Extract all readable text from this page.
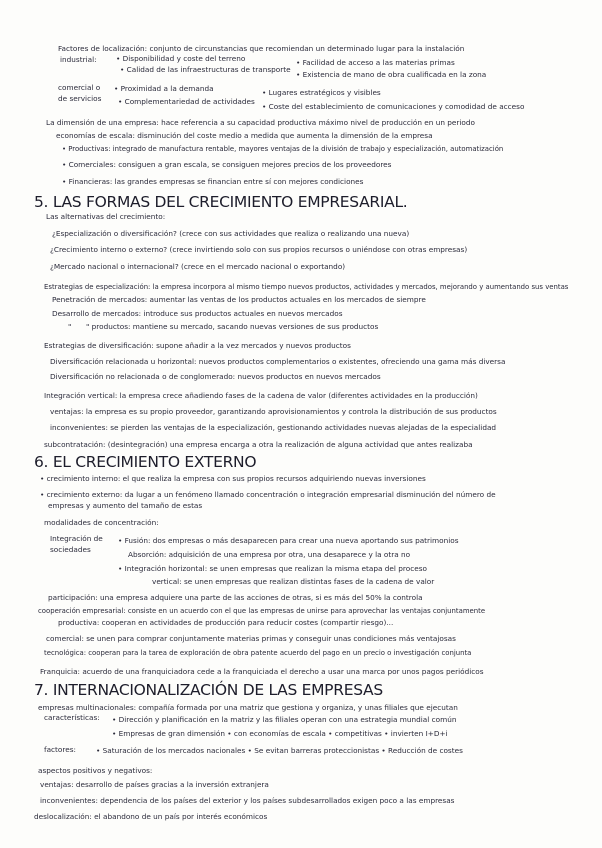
Factores de localización: conjunto de circunstancias que recomiendan un determinado lugar para la instalación
industrial:	• Disponibilidad y coste del terreno	• Facilidad de acceso a las materias primas
• Calidad de las infraestructuras de transporte
• Existencia de mano de obra cualificada en la zona
comercial o • Proximidad a la demanda	• Lugares estratégicos y visibles
de servicios • Complementariedad de actividades
• Coste del establecimiento de comunicaciones y comodidad de acceso
La dimensión de una empresa: hace referencia a su capacidad productiva máximo nivel de producción en un periodo
economías de escala: disminución del coste medio a medida que aumenta la dimensión de la empresa
• Productivas: integrado de manufactura rentable, mayores ventajas de la división de trabajo y especialización, automatización
• Comerciales: consiguen a gran escala, se consiguen mejores precios de los proveedores
• Financieras: las grandes empresas se financian entre sí con mejores condiciones
5. LAS FORMAS DEL CRECIMIENTO EMPRESARIAL.
Las alternativas del crecimiento:
¿Especialización o diversificación? (crece con sus actividades que realiza o realizando una nueva)
¿Crecimiento interno o externo? (crece invirtiendo solo con sus propios recursos o uniéndose con otras empresas)
¿Mercado nacional o internacional? (crece en el mercado nacional o exportando)
Estrategias de especialización: la empresa incorpora al mismo tiempo nuevos productos, actividades y mercados, mejorando y aumentando sus ventas
Penetración de mercados: aumentar las ventas de los productos actuales en los mercados de siempre
Desarrollo de mercados: introduce sus productos actuales en nuevos mercados
" " productos: mantiene su mercado, sacando nuevas versiones de sus productos
Estrategias de diversificación: supone añadir a la vez mercados y nuevos productos
Diversificación relacionada u horizontal: nuevos productos complementarios o existentes, ofreciendo una gama más diversa
Diversificación no relacionada o de conglomerado: nuevos productos en nuevos mercados
Integración vertical: la empresa crece añadiendo fases de la cadena de valor (diferentes actividades en la producción)
ventajas: la empresa es su propio proveedor, garantizando aprovisionamientos y controla la distribución de sus productos
inconvenientes: se pierden las ventajas de la especialización, gestionando actividades nuevas alejadas de la especialidad
subcontratación: (desintegración) una empresa encarga a otra la realización de alguna actividad que antes realizaba
6. EL CRECIMIENTO EXTERNO
• crecimiento interno: el que realiza la empresa con sus propios recursos adquiriendo nuevas inversiones
• crecimiento externo: da lugar a un fenómeno llamado concentración o integración empresarial disminución del número de
empresas y aumento del tamaño de estas
modalidades de concentración:
Integración de • Fusión: dos empresas o más desaparecen para crear una nueva aportando sus patrimonios
sociedades
Absorción: adquisición de una empresa por otra, una desaparece y la otra no
• Integración horizontal: se unen empresas que realizan la misma etapa del proceso
vertical: se unen empresas que realizan distintas fases de la cadena de valor
participación: una empresa adquiere una parte de las acciones de otras, si es más del 50% la controla
cooperación empresarial: consiste en un acuerdo con el que las empresas de unirse para aprovechar las ventajas conjuntamente
productiva: cooperan en actividades de producción para reducir costes (compartir riesgo)...
comercial: se unen para comprar conjuntamente materias primas y conseguir unas condiciones más ventajosas
tecnológica: cooperan para la tarea de exploración de obra patente acuerdo del pago en un precio o investigación conjunta
Franquicia: acuerdo de una franquiciadora cede a la franquiciada el derecho a usar una marca por unos pagos periódicos
7. INTERNACIONALIZACIÓN DE LAS EMPRESAS
empresas multinacionales: compañía formada por una matriz que gestiona y organiza, y unas filiales que ejecutan
características: • Dirección y planificación en la matriz y las filiales operan con una estrategia mundial común
• Empresas de gran dimensión • con economías de escala • competitivas • invierten I+D+i
factores:	• Saturación de los mercados nacionales • Se evitan barreras proteccionistas • Reducción de costes
aspectos positivos y negativos:
ventajas: desarrollo de países gracias a la inversión extranjera
inconvenientes: dependencia de los países del exterior y los países subdesarrollados exigen poco a las empresas
deslocalización: el abandono de un país por interés económicos
